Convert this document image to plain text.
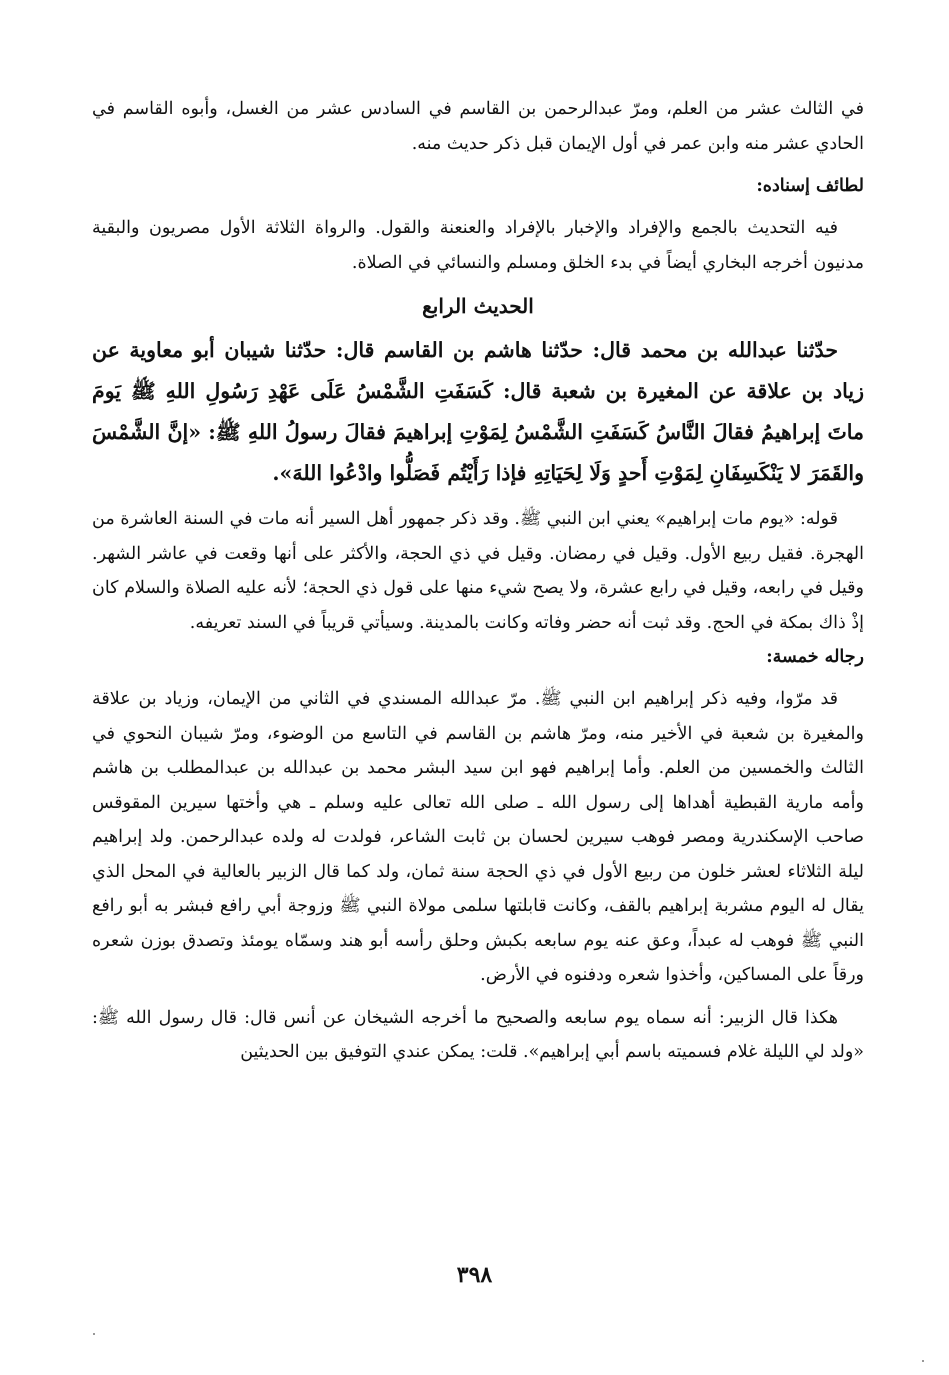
في الثالث عشر من العلم، ومرّ عبدالرحمن بن القاسم في السادس عشر من الغسل، وأبوه القاسم في الحادي عشر منه وابن عمر في أول الإيمان قبل ذكر حديث منه.

لطائف إسناده:

فيه التحديث بالجمع والإفراد والإخبار بالإفراد والعنعنة والقول. والرواة الثلاثة الأول مصريون والبقية مدنيون أخرجه البخاري أيضاً في بدء الخلق ومسلم والنسائي في الصلاة.

الحديث الرابع

حدّثنا عبدالله بن محمد قال: حدّثنا هاشم بن القاسم قال: حدّثنا شيبان أبو معاوية عن زياد بن علاقة عن المغيرة بن شعبة قال: كَسَفَتِ الشَّمْسُ عَلَى عَهْدِ رَسُولِ اللهِ ﷺ يَومَ ماتَ إبراهيمُ فقالَ النَّاسُ كَسَفَتِ الشَّمْسُ لِمَوْتِ إبراهيمَ فقالَ رسولُ اللهِ ﷺ: «إنَّ الشَّمْسَ والقَمَرَ لا يَنْكَسِفَانِ لِمَوْتِ أَحدٍ وَلَا لِحَيَاتِهِ فإذا رَأَيْتُم فَصَلُّوا وادْعُوا اللهَ».

قوله: «يوم مات إبراهيم» يعني ابن النبي ﷺ. وقد ذكر جمهور أهل السير أنه مات في السنة العاشرة من الهجرة. فقيل ربيع الأول. وقيل في رمضان. وقيل في ذي الحجة، والأكثر على أنها وقعت في عاشر الشهر. وقيل في رابعه، وقيل في رابع عشرة، ولا يصح شيء منها على قول ذي الحجة؛ لأنه عليه الصلاة والسلام كان إذْ ذاك بمكة في الحج. وقد ثبت أنه حضر وفاته وكانت بالمدينة. وسيأتي قريباً في السند تعريفه.

رجاله خمسة:

قد مرّوا، وفيه ذكر إبراهيم ابن النبي ﷺ. مرّ عبدالله المسندي في الثاني من الإيمان، وزياد بن علاقة والمغيرة بن شعبة في الأخير منه، ومرّ هاشم بن القاسم في التاسع من الوضوء، ومرّ شيبان النحوي في الثالث والخمسين من العلم. وأما إبراهيم فهو ابن سيد البشر محمد بن عبدالله بن عبدالمطلب بن هاشم وأمه مارية القبطية أهداها إلى رسول الله ـ صلى الله تعالى عليه وسلم ـ هي وأختها سيرين المقوقس صاحب الإسكندرية ومصر فوهب سيرين لحسان بن ثابت الشاعر، فولدت له ولده عبدالرحمن. ولد إبراهيم ليلة الثلاثاء لعشر خلون من ربيع الأول في ذي الحجة سنة ثمان، ولد كما قال الزبير بالعالية في المحل الذي يقال له اليوم مشربة إبراهيم بالقف، وكانت قابلتها سلمى مولاة النبي ﷺ وزوجة أبي رافع فبشر به أبو رافع النبي ﷺ فوهب له عبداً، وعق عنه يوم سابعه بكبش وحلق رأسه أبو هند وسمّاه يومئذ وتصدق بوزن شعره ورقاً على المساكين، وأخذوا شعره ودفنوه في الأرض.

هكذا قال الزبير: أنه سماه يوم سابعه والصحيح ما أخرجه الشيخان عن أنس قال: قال رسول الله ﷺ: «ولد لي الليلة غلام فسميته باسم أبي إبراهيم». قلت: يمكن عندي التوفيق بين الحديثين

٣٩٨
